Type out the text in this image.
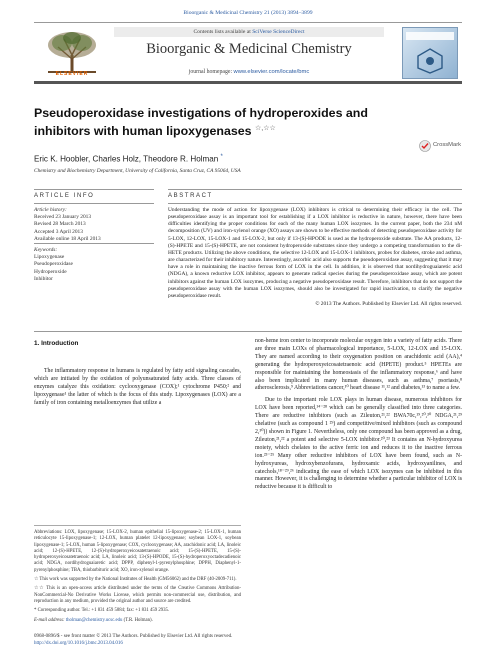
Bioorganic & Medicinal Chemistry 21 (2013) 3894–3899
ELSEVIER
Contents lists available at SciVerse ScienceDirect
Bioorganic & Medicinal Chemistry
journal homepage: www.elsevier.com/locate/bmc
Pseudoperoxidase investigations of hydroperoxides and inhibitors with human lipoxygenases ☆,☆☆
CrossMark
Eric K. Hoobler, Charles Holz, Theodore R. Holman *
Chemistry and Biochemistry Department, University of California, Santa Cruz, CA 95064, USA
ARTICLE INFO	ABSTRACT
Article history:
Received 23 January 2013
Revised 28 March 2013
Accepted 3 April 2013
Available online 18 April 2013
Keywords:
Lipoxygenase
Pseudoperoxidase
Hydroperoxide
Inhibitor
Understanding the mode of action for lipoxygenase (LOX) inhibitors is critical to determining their efficacy in the cell. The pseudoperoxidase assay is an important tool for establishing if a LOX inhibitor is reductive in nature, however, there have been difficulties identifying the proper conditions for each of the many human LOX isozymes. In the current paper, both the 234 nM decomposition (UV) and iron-xylenol orange (XO) assays are shown to be effective methods of detecting pseudoperoxidase activity for 5-LOX, 12-LOX, 15-LOX-1 and 15-LOX-2, but only if 13-(S)-HPODE is used as the hydroperoxide substrate. The AA products, 12-(S)-HPETE and 15-(S)-HPETE, are not consistent hydroperoxide substrates since they undergo a competing transformation to the di-HETE products. Utilizing the above conditions, the selective 12-LOX and 15-LOX-1 inhibitors, probes for diabetes, stroke and asthma, are characterized for their inhibitory nature. Interestingly, ascorbic acid also supports the pseudoperoxidase assay, suggesting that it may have a role in maintaining the inactive ferrous form of LOX in the cell. In addition, it is observed that nordihydroguaiaretic acid (NDGA), a known reductive LOX inhibitor, appears to generate radical species during the pseudoperoxidase assay, which are potent inhibitors against the human LOX isozymes, producing a negative pseudoperoxidase result. Therefore, inhibitors that do not support the pseudoperoxidase assay with the human LOX isozymes, should also be investigated for rapid inactivation, to clarify the negative pseudoperoxidase result.
© 2013 The Authors. Published by Elsevier Ltd. All rights reserved.
1. Introduction

The inflammatory response in humans is regulated by fatty acid signaling cascades, which are initiated by the oxidation of polyunsaturated fatty acids. Three classes of enzymes catalyze this oxidation: cyclooxygenase (COX);¹ cytochrome P450;² and lipoxygenase¹ the latter of which is the focus of this study. Lipoxygenases (LOX) are a family of iron containing metalloenzymes that utilize a

non-heme iron center to incorporate molecular oxygen into a variety of fatty acids. There are three main LOXs of pharmacological importance, 5-LOX, 12-LOX and 15-LOX. They are named according to their oxygenation position on arachidonic acid (AA),⁴ generating the hydroperoxyeicosatetraenoic acid (HPETE) product.⁵ HPETEs are responsible for maintaining the homeostasis of the inflammatory response,⁶ and have also been implicated in many human diseases, such as asthma,⁷ psoriasis,⁸ atherosclerosis,⁹ Abbreviations cancer,¹⁰ heart disease ¹¹,¹² and diabetes,¹³ to name a few.

Due to the important role LOX plays in human disease, numerous inhibitors for LOX have been reported,¹⁴⁻²⁸ which can be generally classified into three categories. There are reductive inhibitors (such as Zileuton,²¹,²² BWA70c,¹⁹,²⁰,³⁰ NDGA,²¹,²⁹ chelative (such as compound 1 ²⁹) and competitive/mixed inhibitors (such as compound 2,³⁰)) shown in Figure 1. Nevertheless, only one compound has been approved as a drug, Zileuton,²¹,²² a potent and selective 5-LOX inhibitor.²⁰,²³ It contains an N-hydroxyurea moiety, which chelates to the active ferric ion and reduces it to the inactive ferrous ion.²³⁻²⁵ Many other reductive inhibitors of LOX have been found, such as N-hydroxyureas, hydroxybenzofurans, hydroxamic acids, hydroxyanilines, and catechols,¹⁸⁻²⁹,²⁶ indicating the ease of which LOX isozymes can be inhibited in this manner. However, it is challenging to determine whether a particular inhibitor of LOX is reductive because it is difficult to

Abbreviations: LOX, lipoxygenase; 15-LOX-2, human epithelial 15-lipoxygenase-2; 15-LOX-1, human reticulocyte 15-lipoxygenase-1; 12-LOX, human platelet 12-lipoxygenase; soybean LOX-1, soybean lipoxygenase-1; 5-LOX, human 5-lipoxygenase; COX, cyclooxygenase; AA, arachidonic acid; LA, linoleic acid; 12-(S)-HPETE, 12-(S)-hydroperoxyeicosatetraenoic acid; 15-(S)-HPETE, 15-(S)-hydroperoxyeicosatetraenoic acid; LA, linoleic acid; 13-(S)-HPODE, 15-(S)-hydroperoxyoctadecadienoic acid; NDGA, nordihydroguaiaretic acid; DPPP, diphenyl-1-pyrenylphosphine; DPPH, Diaphenyl-1-pyrenylphosphine; TBA, thiobarbituric acid; XO, iron-xylenol orange.

☆ This work was supported by the National Institutes of Health (GM56062) and the DRF (40-2009-711).

☆☆ This is an open-access article distributed under the terms of the Creative Commons Attribution-NonCommercial-No Derivative Works License, which permits non-commercial use, distribution, and reproduction in any medium, provided the original author and source are credited.

* Corresponding author. Tel.: +1 831 459 5884; fax: +1 831 459 2935.

E-mail address: tholman@chemistry.ucsc.edu (T.R. Holman).

0968-0896/$ - see front matter © 2013 The Authors. Published by Elsevier Ltd. All rights reserved.
http://dx.doi.org/10.1016/j.bmc.2013.04.016
